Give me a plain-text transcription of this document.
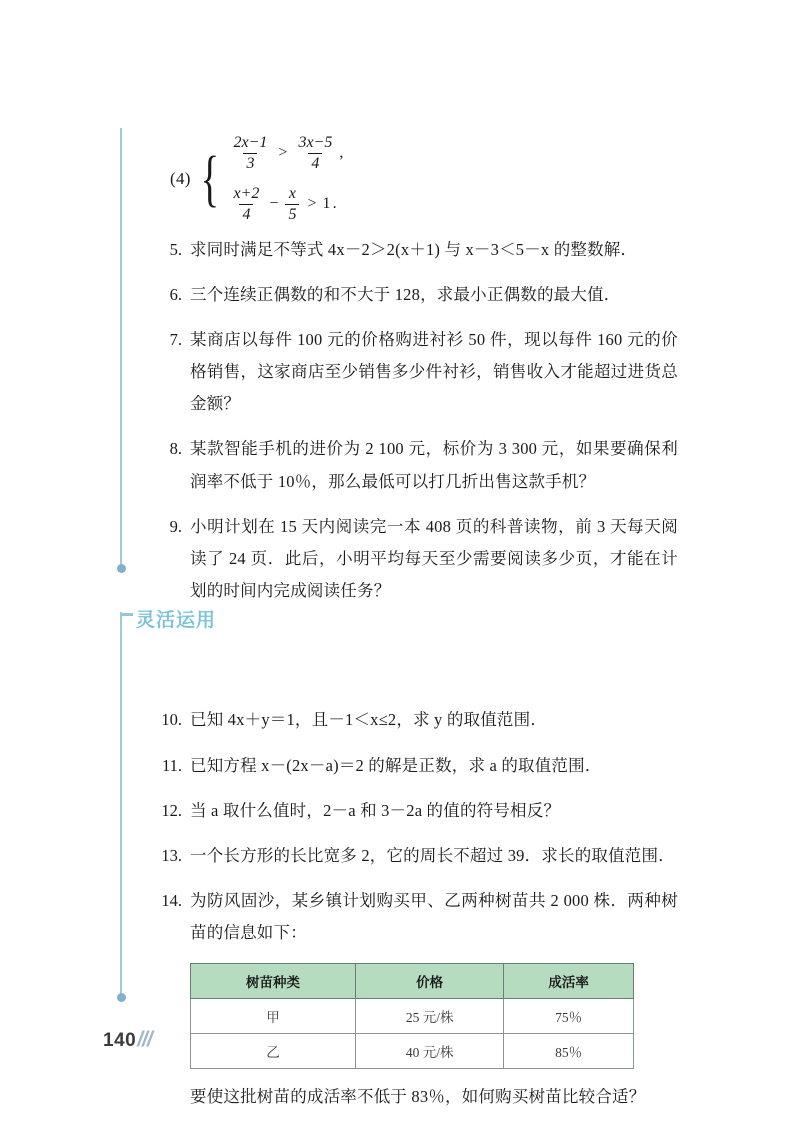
(4) { $\frac{2x-1}{3} > \frac{3x-5}{4}$ ,
$\frac{x+2}{4} - \frac{x}{5} > 1$ .
5. 求同时满足不等式 4x－2＞2(x＋1) 与 x－3＜5－x 的整数解．
6. 三个连续正偶数的和不大于 128，求最小正偶数的最大值．
7. 某商店以每件 100 元的价格购进衬衫 50 件，现以每件 160 元的价格销售，这家商店至少销售多少件衬衫，销售收入才能超过进货总金额？
8. 某款智能手机的进价为 2 100 元，标价为 3 300 元，如果要确保利润率不低于 10％，那么最低可以打几折出售这款手机？
9. 小明计划在 15 天内阅读完一本 408 页的科普读物，前 3 天每天阅读了 24 页．此后，小明平均每天至少需要阅读多少页，才能在计划的时间内完成阅读任务？
10. 已知 4x＋y＝1，且－1＜x≤2，求 y 的取值范围．
11. 已知方程 x－(2x－a)＝2 的解是正数，求 a 的取值范围．
12. 当 a 取什么值时，2－a 和 3－2a 的值的符号相反？
13. 一个长方形的长比宽多 2，它的周长不超过 39．求长的取值范围．
14. 为防风固沙，某乡镇计划购买甲、乙两种树苗共 2 000 株．两种树苗的信息如下：
树苗种类	价格	成活率
甲	25 元/株	75％
乙	40 元/株	85％
要使这批树苗的成活率不低于 83％，如何购买树苗比较合适？
灵活运用
140 ///
